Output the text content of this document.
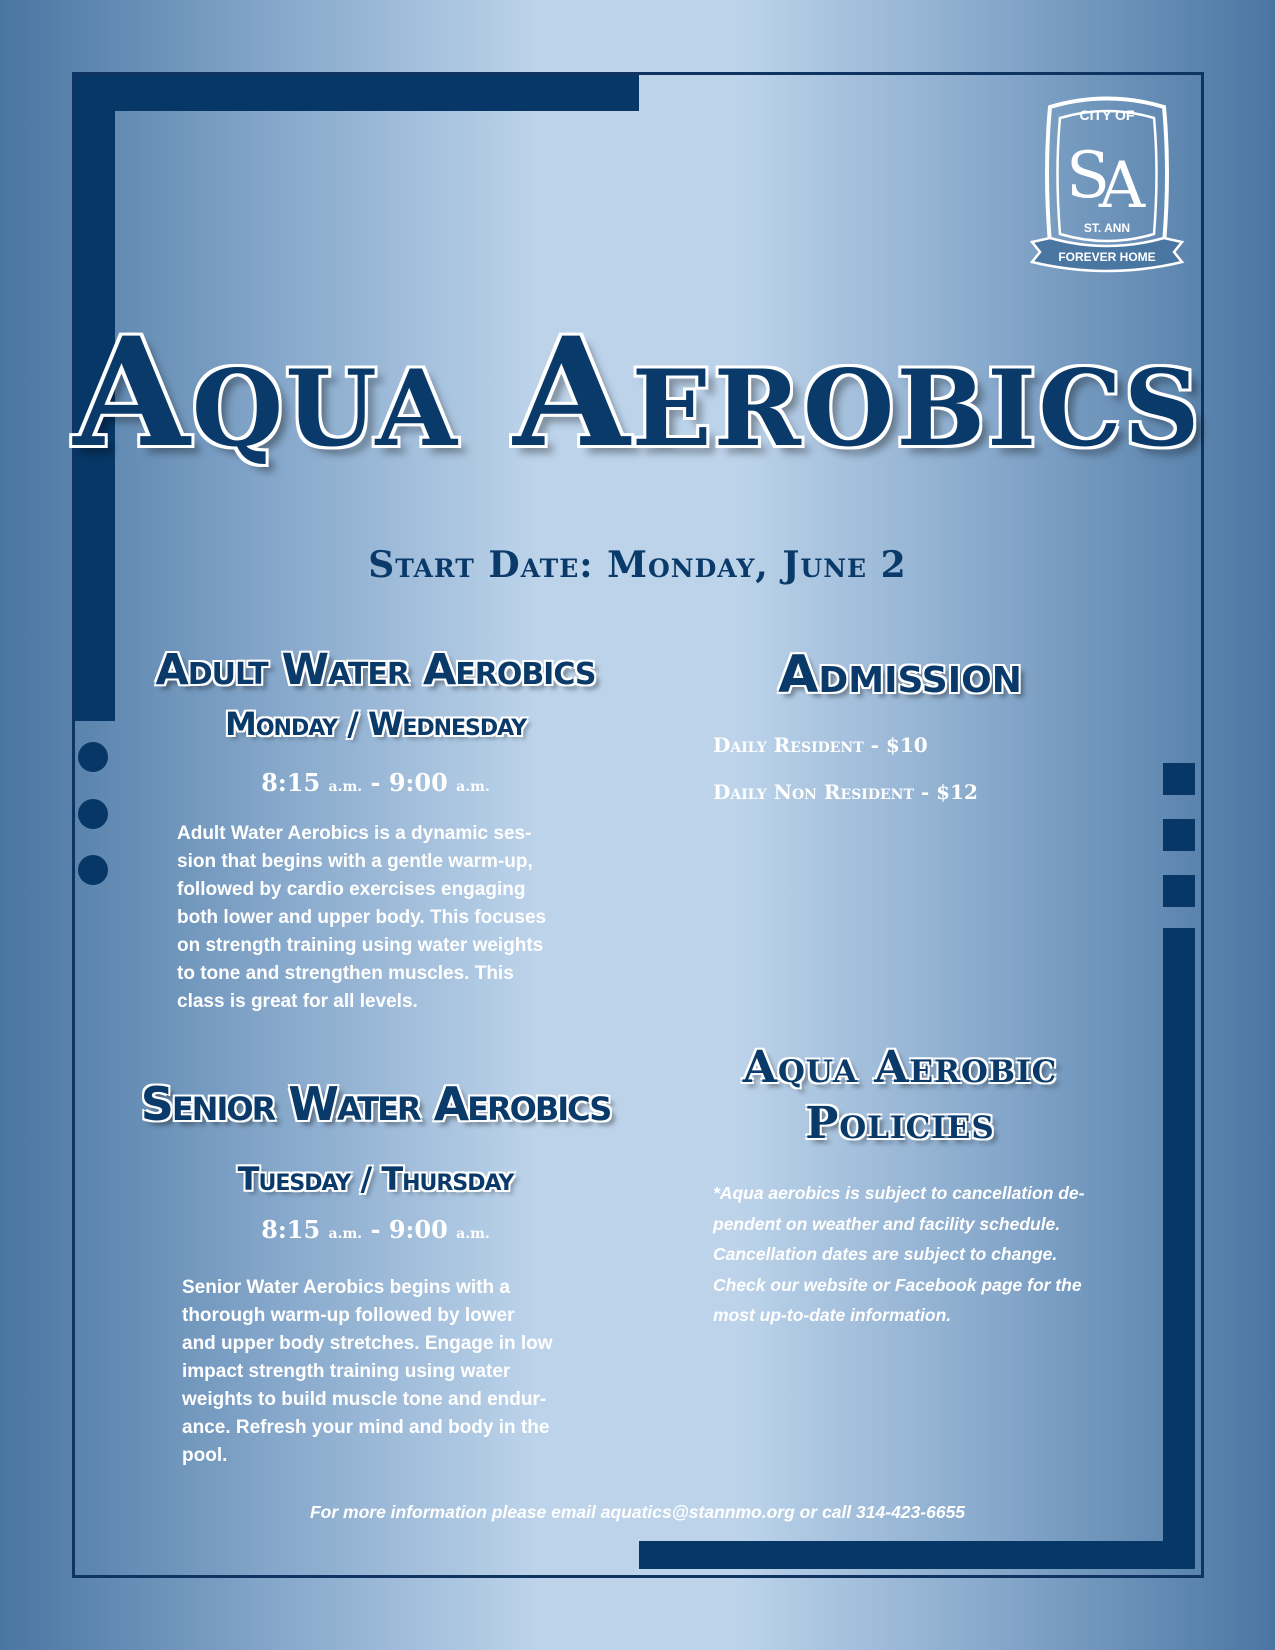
CITY OF
S
A
ST. ANN
FOREVER HOME
Aqua Aerobics
Start Date: Monday, June 2
Adult Water Aerobics
Monday / Wednesday
8:15 a.m. - 9:00 a.m.
Adult Water Aerobics is a dynamic ses-
sion that begins with a gentle warm-up,
followed by cardio exercises engaging
both lower and upper body. This focuses
on strength training using water weights
to tone and strengthen muscles. This
class is great for all levels.
Senior Water Aerobics
Tuesday / Thursday
8:15 a.m. - 9:00 a.m.
Senior Water Aerobics begins with a
thorough warm-up followed by lower
and upper body stretches. Engage in low
impact strength training using water
weights to build muscle tone and endur-
ance. Refresh your mind and body in the
pool.
Admission
Daily Resident - $10
Daily Non Resident - $12
Aqua Aerobic
Policies
*Aqua aerobics is subject to cancellation de-
pendent on weather and facility schedule.
Cancellation dates are subject to change.
Check our website or Facebook page for the
most up-to-date information.
For more information please email aquatics@stannmo.org or call 314-423-6655
